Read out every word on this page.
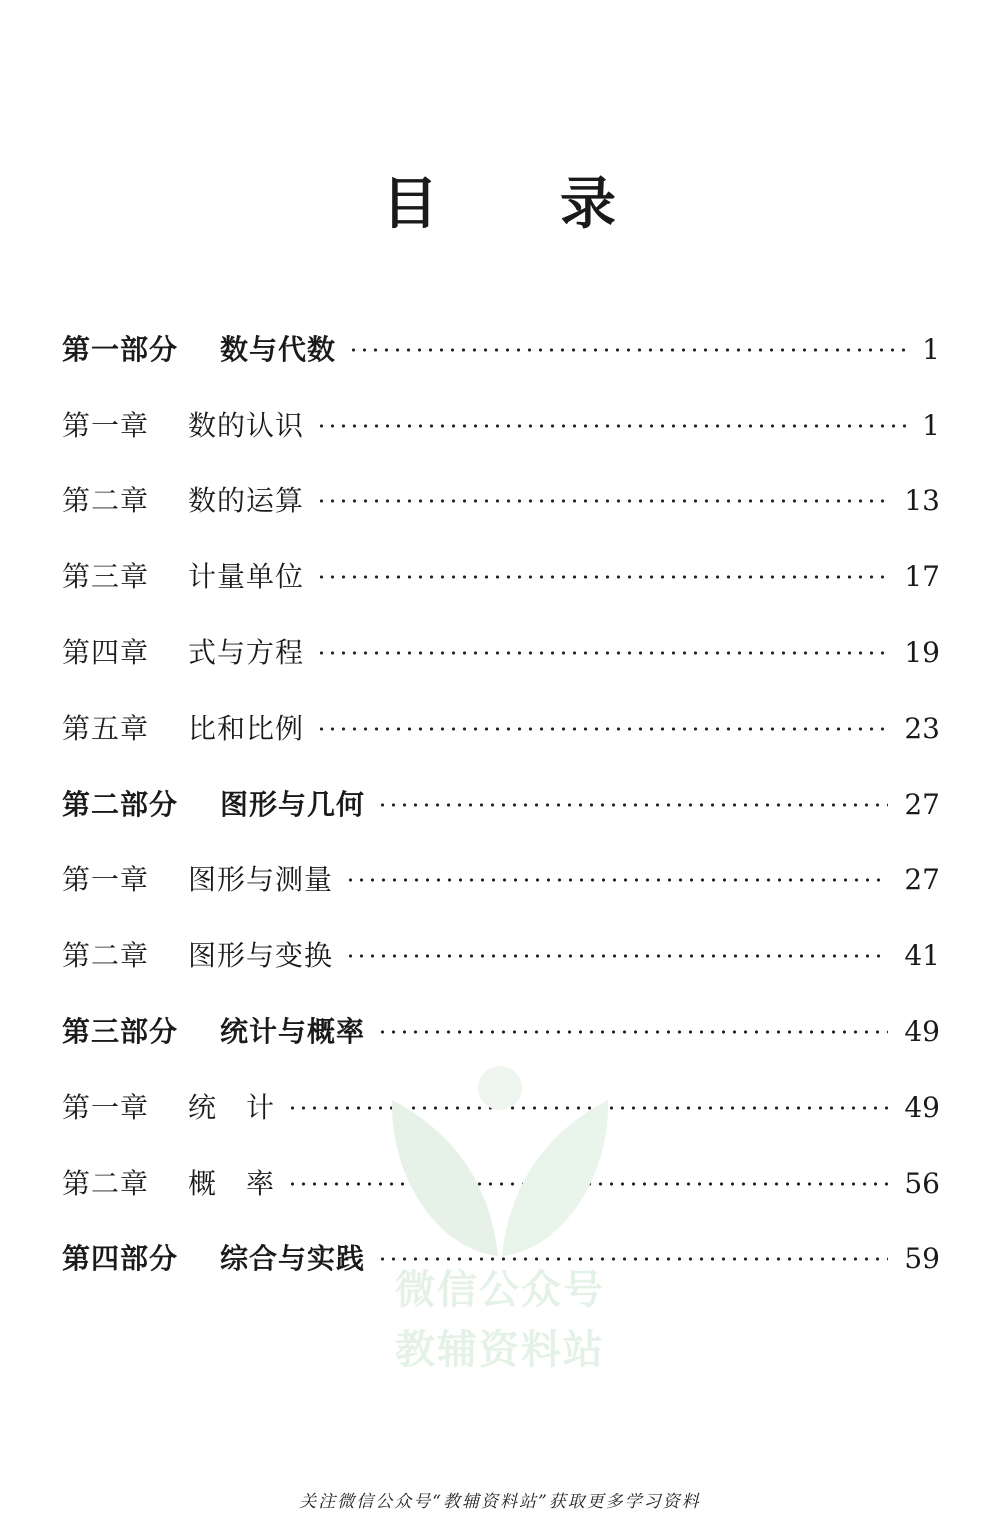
目 录
第一部分	数与代数	1
第一章	数的认识	1
第二章	数的运算	13
第三章	计量单位	17
第四章	式与方程	19
第五章	比和比例	23
第二部分	图形与几何	27
第一章	图形与测量	27
第二章	图形与变换	41
第三部分	统计与概率	49
第一章	统　计	49
第二章	概　率	56
第四部分	综合与实践	59
微信公众号
教辅资料站
关注微信公众号“教辅资料站”获取更多学习资料
